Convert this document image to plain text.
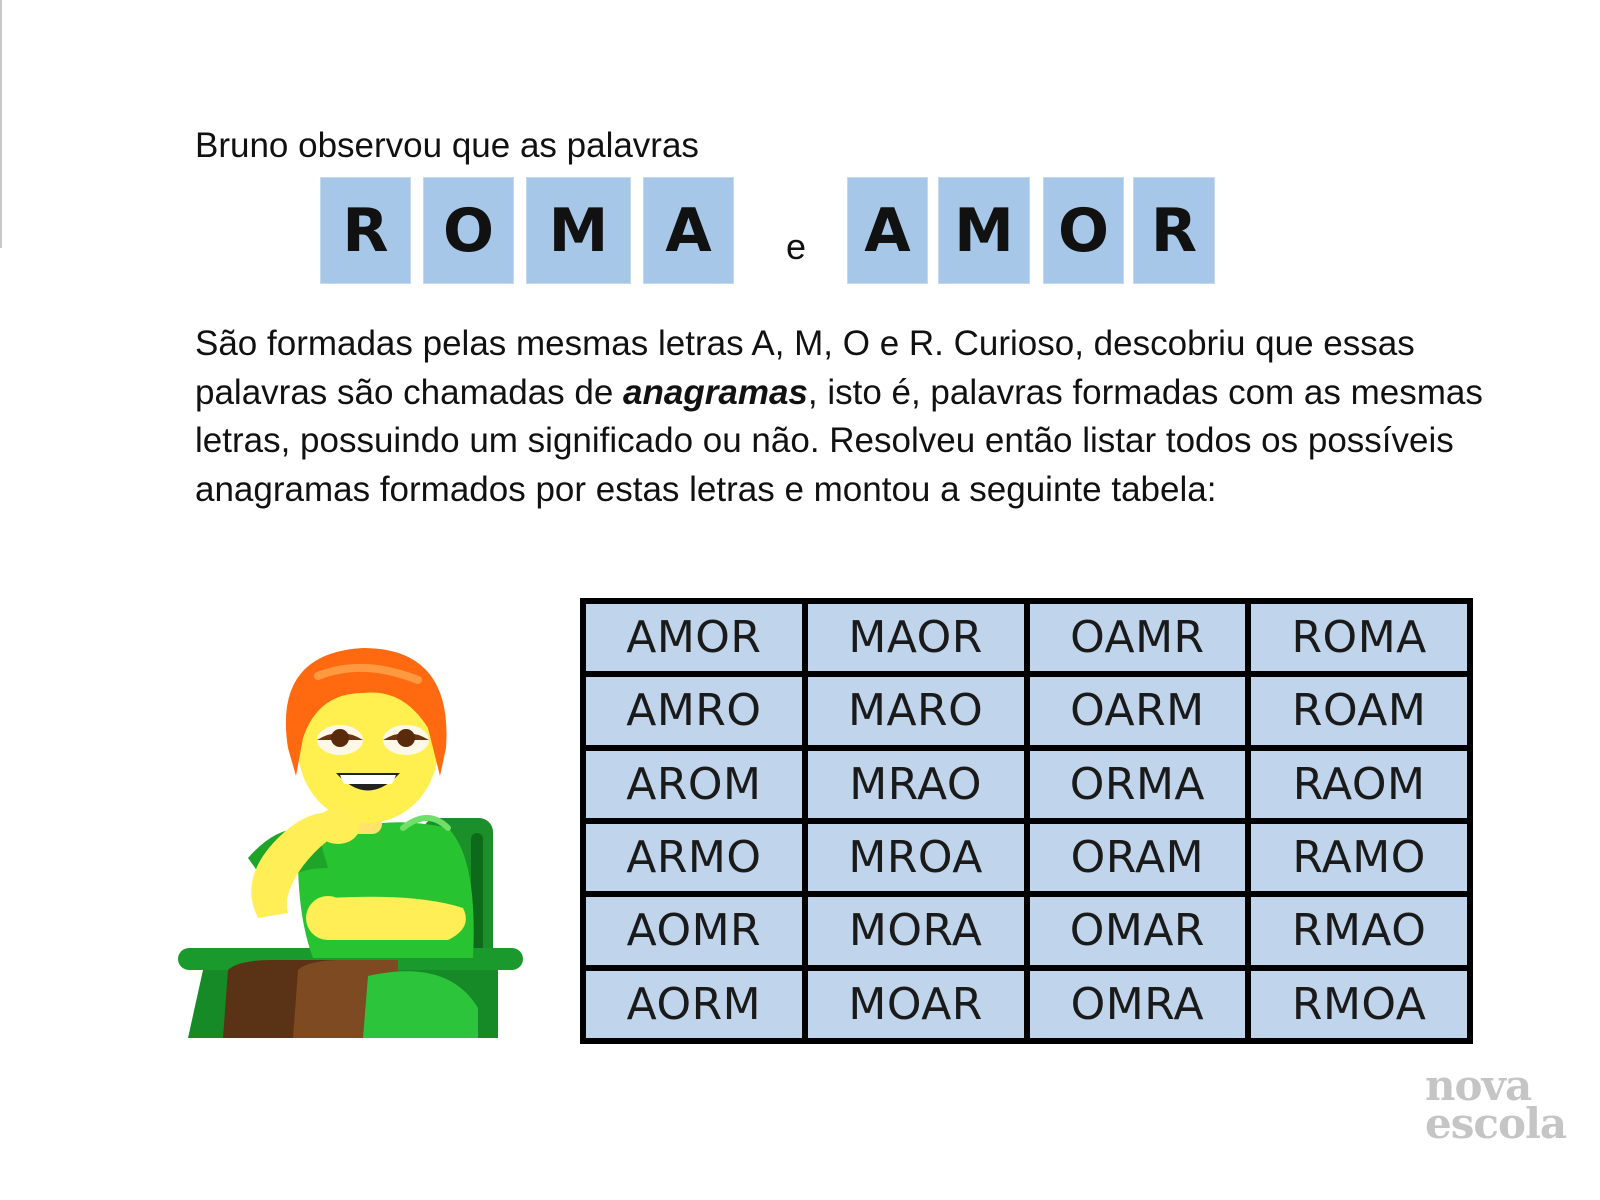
Bruno observou que as palavras

R O M A	e A M O R

São formadas pelas mesmas letras A, M, O e R. Curioso, descobriu que essas palavras são chamadas de anagramas, isto é, palavras formadas com as mesmas letras, possuindo um significado ou não. Resolveu então listar todos os possíveis anagramas formados por estas letras e montou a seguinte tabela:

AMOR	MAOR	OAMR	ROMA
AMRO	MARO	OARM	ROAM
AROM	MRAO	ORMA	RAOM
ARMO	MROA	ORAM	RAMO
AOMR	MORA	OMAR	RMAO
AORM	MOAR	OMRA	RMOA

nova
escola
